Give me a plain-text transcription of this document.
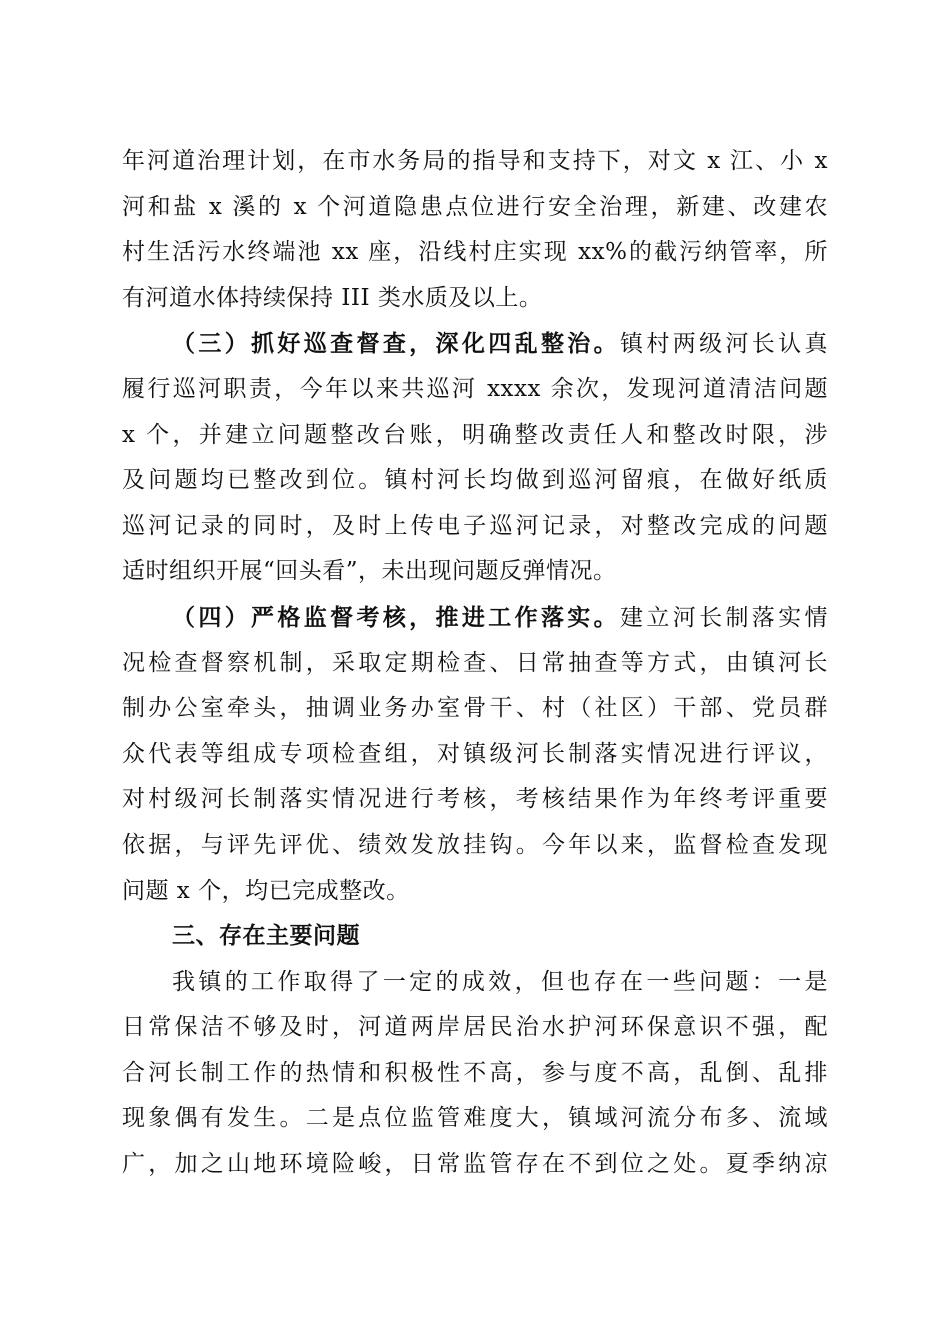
年河道治理计划，在市水务局的指导和支持下，对文 x 江、小 x
河和盐 x 溪的 x 个河道隐患点位进行安全治理，新建、改建农
村生活污水终端池 xx 座，沿线村庄实现 xx%的截污纳管率，所
有河道水体持续保持 III 类水质及以上。
（三）抓好巡查督查，深化四乱整治。镇村两级河长认真
履行巡河职责，今年以来共巡河 xxxx 余次，发现河道清洁问题
x 个，并建立问题整改台账，明确整改责任人和整改时限，涉
及问题均已整改到位。镇村河长均做到巡河留痕，在做好纸质
巡河记录的同时，及时上传电子巡河记录，对整改完成的问题
适时组织开展“回头看”，未出现问题反弹情况。
（四）严格监督考核，推进工作落实。建立河长制落实情
况检查督察机制，采取定期检查、日常抽查等方式，由镇河长
制办公室牵头，抽调业务办室骨干、村（社区）干部、党员群
众代表等组成专项检查组，对镇级河长制落实情况进行评议，
对村级河长制落实情况进行考核，考核结果作为年终考评重要
依据，与评先评优、绩效发放挂钩。今年以来，监督检查发现
问题 x 个，均已完成整改。
三、存在主要问题
我镇的工作取得了一定的成效，但也存在一些问题：一是
日常保洁不够及时，河道两岸居民治水护河环保意识不强，配
合河长制工作的热情和积极性不高，参与度不高，乱倒、乱排
现象偶有发生。二是点位监管难度大，镇域河流分布多、流域
广，加之山地环境险峻，日常监管存在不到位之处。夏季纳凉
